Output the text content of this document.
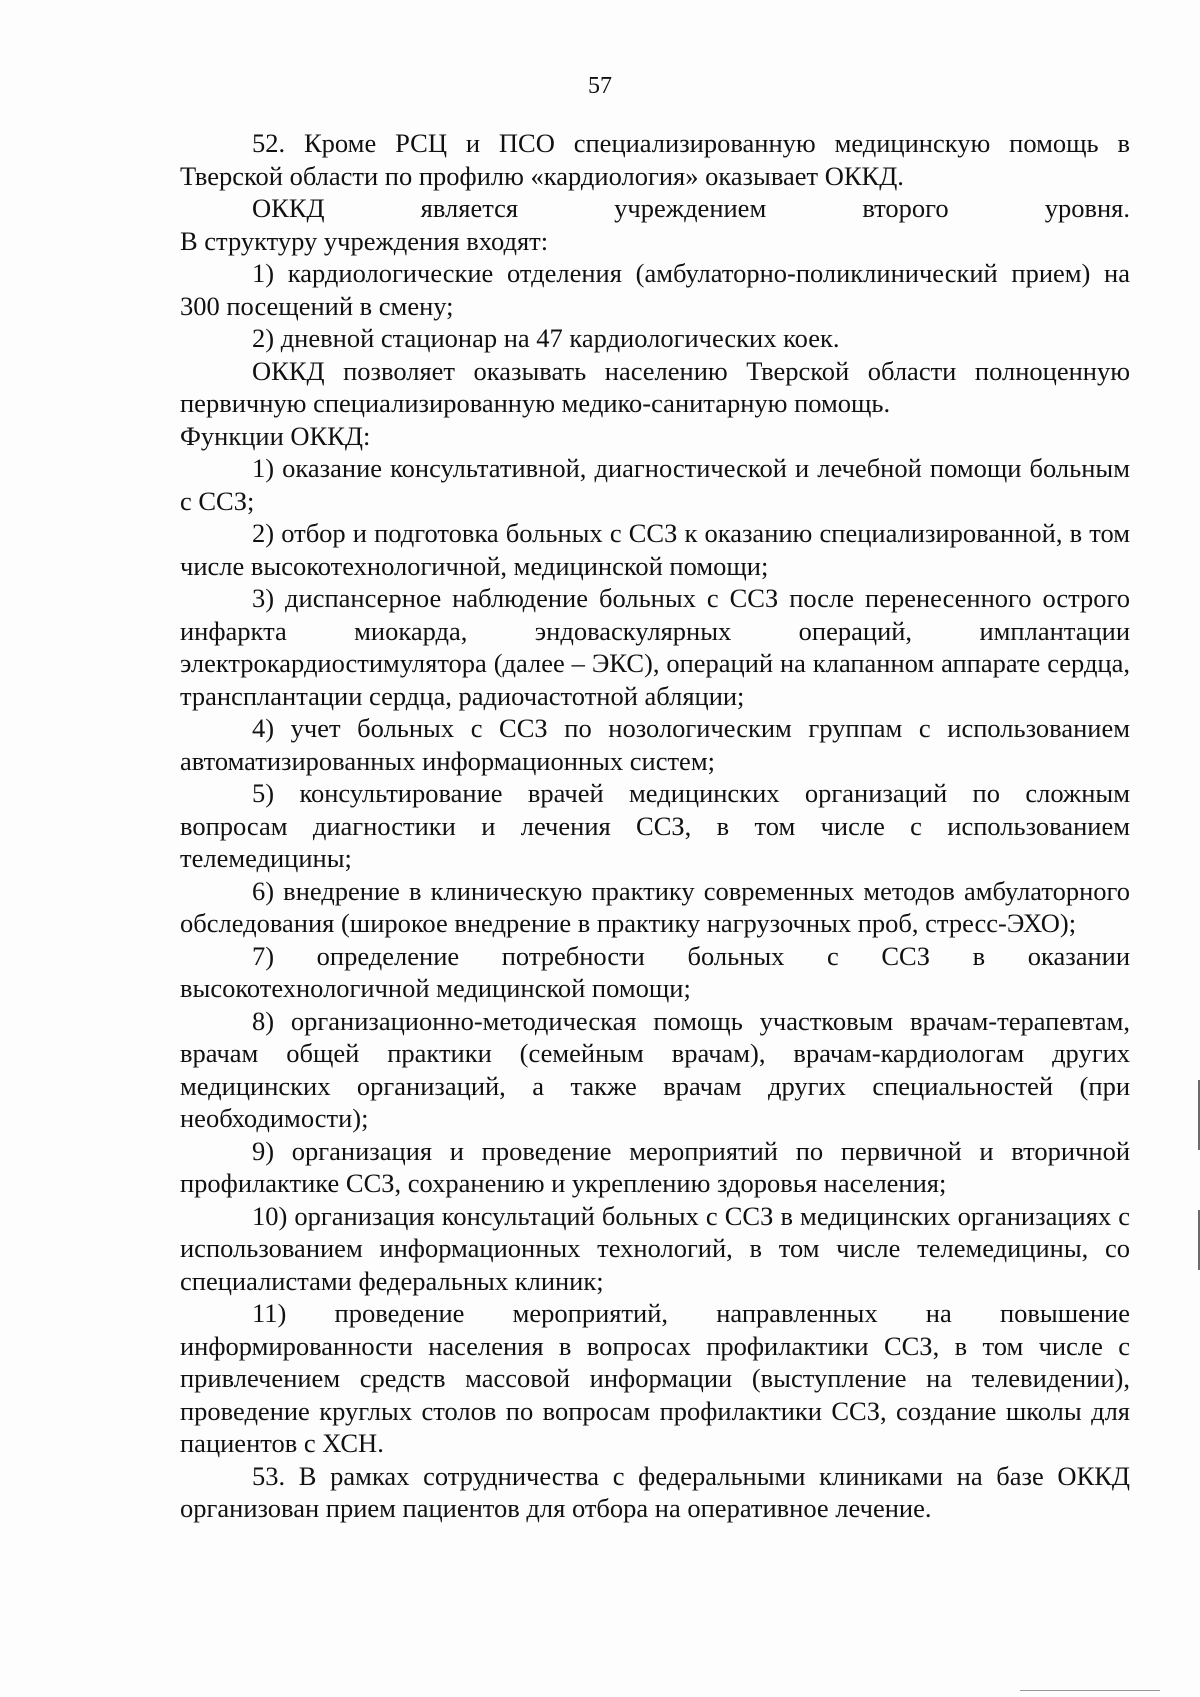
57

52. Кроме РСЦ и ПСО специализированную медицинскую помощь в Тверской области по профилю «кардиология» оказывает ОККД.

ОККД является учреждением второго уровня.

В структуру учреждения входят:

1) кардиологические отделения (амбулаторно-поликлинический прием) на 300 посещений в смену;

2) дневной стационар на 47 кардиологических коек.

ОККД позволяет оказывать населению Тверской области полноценную первичную специализированную медико-санитарную помощь.

Функции ОККД:

1) оказание консультативной, диагностической и лечебной помощи больным с ССЗ;

2) отбор и подготовка больных с ССЗ к оказанию специализированной, в том числе высокотехнологичной, медицинской помощи;

3) диспансерное наблюдение больных с ССЗ после перенесенного острого инфаркта миокарда, эндоваскулярных операций, имплантации электрокардиостимулятора (далее – ЭКС), операций на клапанном аппарате сердца, трансплантации сердца, радиочастотной абляции;

4) учет больных с ССЗ по нозологическим группам с использованием автоматизированных информационных систем;

5) консультирование врачей медицинских организаций по сложным вопросам диагностики и лечения ССЗ, в том числе с использованием телемедицины;

6) внедрение в клиническую практику современных методов амбулаторного обследования (широкое внедрение в практику нагрузочных проб, стресс-ЭХО);

7) определение потребности больных с ССЗ в оказании высокотехнологичной медицинской помощи;

8) организационно-методическая помощь участковым врачам-терапевтам, врачам общей практики (семейным врачам), врачам-кардиологам других медицинских организаций, а также врачам других специальностей (при необходимости);

9) организация и проведение мероприятий по первичной и вторичной профилактике ССЗ, сохранению и укреплению здоровья населения;

10) организация консультаций больных с ССЗ в медицинских организациях с использованием информационных технологий, в том числе телемедицины, со специалистами федеральных клиник;

11) проведение мероприятий, направленных на повышение информированности населения в вопросах профилактики ССЗ, в том числе с привлечением средств массовой информации (выступление на телевидении), проведение круглых столов по вопросам профилактики ССЗ, создание школы для пациентов с ХСН.

53. В рамках сотрудничества с федеральными клиниками на базе ОККД организован прием пациентов для отбора на оперативное лечение.
